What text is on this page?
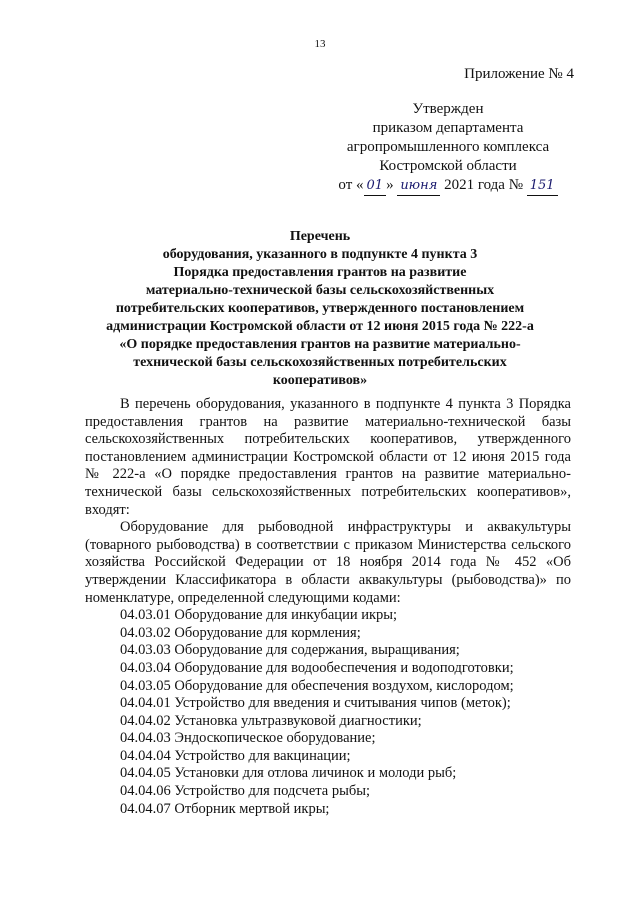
13
Приложение № 4
Утвержден
приказом департамента
агропромышленного комплекса
Костромской области
от « 01 » июня 2021 года № 151
Перечень
оборудования, указанного в подпункте 4 пункта 3
Порядка предоставления грантов на развитие
материально-технической базы сельскохозяйственных
потребительских кооперативов, утвержденного постановлением
администрации Костромской области от 12 июня 2015 года № 222-а
«О порядке предоставления грантов на развитие материально-
технической базы сельскохозяйственных потребительских
кооперативов»

В перечень оборудования, указанного в подпункте 4 пункта 3 Порядка предоставления грантов на развитие материально-технической базы сельскохозяйственных потребительских кооперативов, утвержденного постановлением администрации Костромской области от 12 июня 2015 года № 222-а «О порядке предоставления грантов на развитие материально-технической базы сельскохозяйственных потребительских кооперативов», входят:

Оборудование для рыбоводной инфраструктуры и аквакультуры (товарного рыбоводства) в соответствии с приказом Министерства сельского хозяйства Российской Федерации от 18 ноября 2014 года № 452 «Об утверждении Классификатора в области аквакультуры (рыбоводства)» по номенклатуре, определенной следующими кодами:

04.03.01 Оборудование для инкубации икры;
04.03.02 Оборудование для кормления;
04.03.03 Оборудование для содержания, выращивания;
04.03.04 Оборудование для водообеспечения и водоподготовки;
04.03.05 Оборудование для обеспечения воздухом, кислородом;
04.04.01 Устройство для введения и считывания чипов (меток);
04.04.02 Установка ультразвуковой диагностики;
04.04.03 Эндоскопическое оборудование;
04.04.04 Устройство для вакцинации;
04.04.05 Установки для отлова личинок и молоди рыб;
04.04.06 Устройство для подсчета рыбы;
04.04.07 Отборник мертвой икры;
